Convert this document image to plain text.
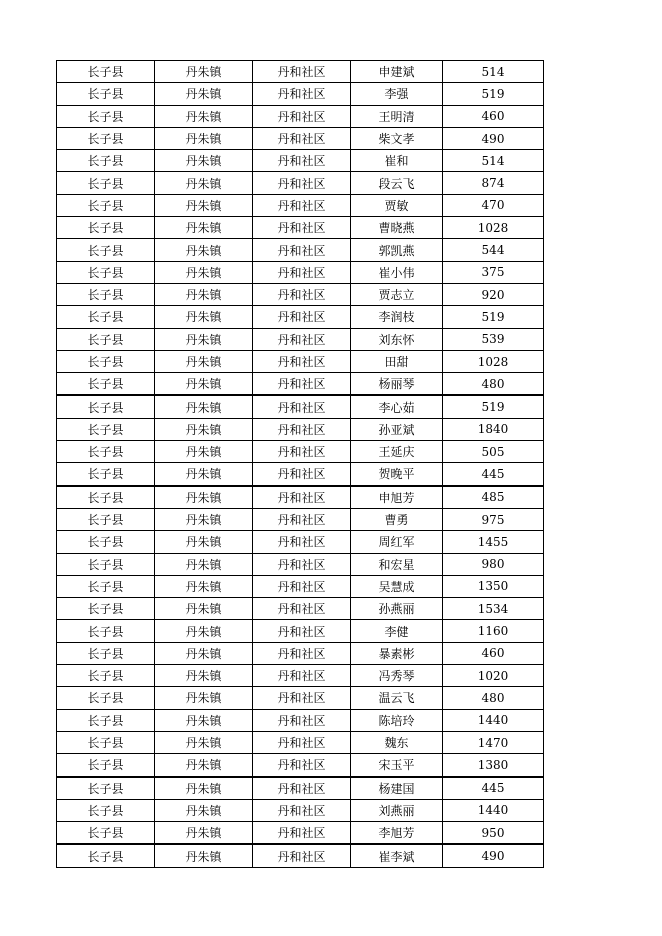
长子县	丹朱镇	丹和社区	申建斌	514
长子县	丹朱镇	丹和社区	李强	519
长子县	丹朱镇	丹和社区	王明清	460
长子县	丹朱镇	丹和社区	柴文孝	490
长子县	丹朱镇	丹和社区	崔和	514
长子县	丹朱镇	丹和社区	段云飞	874
长子县	丹朱镇	丹和社区	贾敏	470
长子县	丹朱镇	丹和社区	曹晓燕	1028
长子县	丹朱镇	丹和社区	郭凯燕	544
长子县	丹朱镇	丹和社区	崔小伟	375
长子县	丹朱镇	丹和社区	贾志立	920
长子县	丹朱镇	丹和社区	李润枝	519
长子县	丹朱镇	丹和社区	刘东怀	539
长子县	丹朱镇	丹和社区	田甜	1028
长子县	丹朱镇	丹和社区	杨丽琴	480
长子县	丹朱镇	丹和社区	李心茹	519
长子县	丹朱镇	丹和社区	孙亚斌	1840
长子县	丹朱镇	丹和社区	王延庆	505
长子县	丹朱镇	丹和社区	贺晚平	445
长子县	丹朱镇	丹和社区	申旭芳	485
长子县	丹朱镇	丹和社区	曹勇	975
长子县	丹朱镇	丹和社区	周红军	1455
长子县	丹朱镇	丹和社区	和宏星	980
长子县	丹朱镇	丹和社区	吴慧成	1350
长子县	丹朱镇	丹和社区	孙燕丽	1534
长子县	丹朱镇	丹和社区	李健	1160
长子县	丹朱镇	丹和社区	暴素彬	460
长子县	丹朱镇	丹和社区	冯秀琴	1020
长子县	丹朱镇	丹和社区	温云飞	480
长子县	丹朱镇	丹和社区	陈培玲	1440
长子县	丹朱镇	丹和社区	魏东	1470
长子县	丹朱镇	丹和社区	宋玉平	1380
长子县	丹朱镇	丹和社区	杨建国	445
长子县	丹朱镇	丹和社区	刘燕丽	1440
长子县	丹朱镇	丹和社区	李旭芳	950
长子县	丹朱镇	丹和社区	崔李斌	490
